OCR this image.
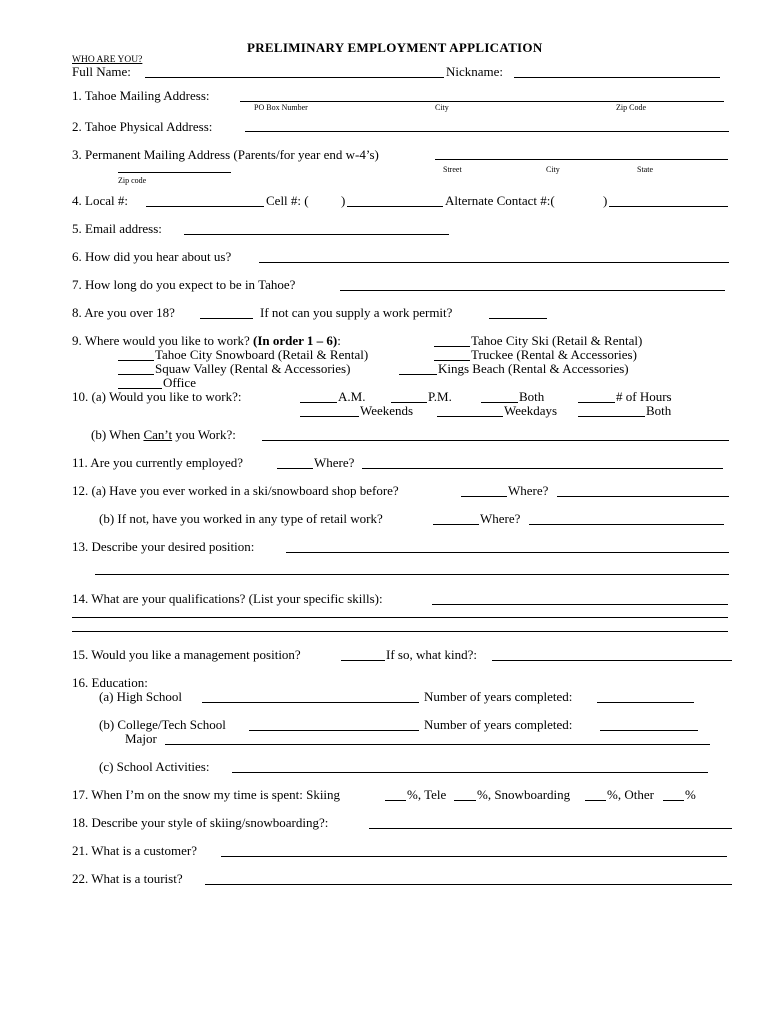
PRELIMINARY EMPLOYMENT APPLICATION
WHO ARE YOU?
Full Name:	Nickname:
1. Tahoe Mailing Address:
PO Box Number	City	Zip Code
2. Tahoe Physical Address:
3. Permanent Mailing Address (Parents/for year end w-4’s)
Street	City	State
Zip code
4. Local #:	Cell #: ( )	Alternate Contact #:(	)
5. Email address:
6. How did you hear about us?
7. How long do you expect to be in Tahoe?
8. Are you over 18?	If not can you supply a work permit?
9. Where would you like to work? (In order 1 – 6):	Tahoe City Ski (Retail & Rental)
Tahoe City Snowboard (Retail & Rental)	Truckee (Rental & Accessories)
Squaw Valley (Rental & Accessories)	Kings Beach (Rental & Accessories)
Office
10. (a) Would you like to work?:	A.M.	P.M.	Both	# of Hours
Weekends	Weekdays	Both
(b) When Can’t you Work?:
11. Are you currently employed?	Where?
12. (a) Have you ever worked in a ski/snowboard shop before?	Where?
(b) If not, have you worked in any type of retail work?	Where?
13. Describe your desired position:
14. What are your qualifications? (List your specific skills):
15. Would you like a management position?	If so, what kind?:
16. Education:
(a) High School	Number of years completed:
(b) College/Tech School	Number of years completed:
Major
(c) School Activities:
17. When I’m on the snow my time is spent: Skiing	%, Tele %, Snowboarding	%, Other %
18. Describe your style of skiing/snowboarding?:
21. What is a customer?
22. What is a tourist?
